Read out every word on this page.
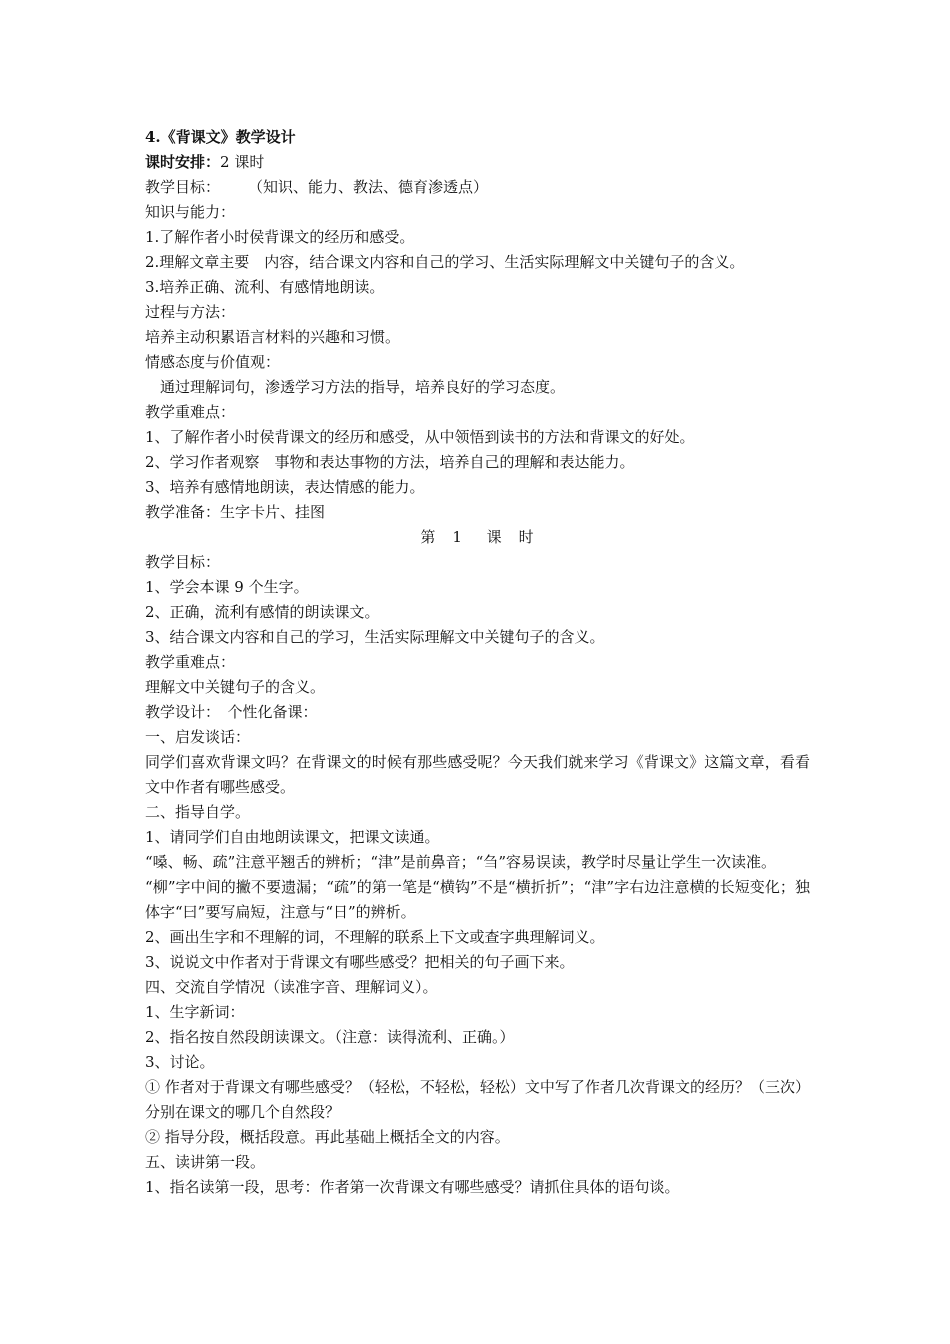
4.《背课文》教学设计
课时安排：2 课时
教学目标： （知识、能力、教法、德育渗透点）
知识与能力：
1.了解作者小时侯背课文的经历和感受。
2.理解文章主要　内容，结合课文内容和自己的学习、生活实际理解文中关键句子的含义。
3.培养正确、流利、有感情地朗读。
过程与方法：
培养主动积累语言材料的兴趣和习惯。
情感态度与价值观：
通过理解词句，渗透学习方法的指导，培养良好的学习态度。
教学重难点：
1、了解作者小时侯背课文的经历和感受，从中领悟到读书的方法和背课文的好处。
2、学习作者观察　事物和表达事物的方法，培养自己的理解和表达能力。
3、培养有感情地朗读，表达情感的能力。
教学准备：生字卡片、挂图
第　1 课　时
教学目标：
1、学会本课 9 个生字。
2、正确，流利有感情的朗读课文。
3、结合课文内容和自己的学习，生活实际理解文中关键句子的含义。
教学重难点：
理解文中关键句子的含义。
教学设计：　个性化备课：
一、启发谈话：
同学们喜欢背课文吗？在背课文的时候有那些感受呢？今天我们就来学习《背课文》这篇文章，看看文中作者有哪些感受。
二、指导自学。
1、请同学们自由地朗读课文，把课文读通。
“嗓、畅、疏”注意平翘舌的辨析；“津”是前鼻音；“刍”容易误读，教学时尽量让学生一次读准。
“柳”字中间的撇不要遗漏；“疏”的第一笔是“横钩”不是“横折折”；“津”字右边注意横的长短变化；独体字“曰”要写扁短，注意与“日”的辨析。
2、画出生字和不理解的词，不理解的联系上下文或查字典理解词义。
3、说说文中作者对于背课文有哪些感受？把相关的句子画下来。
四、交流自学情况（读准字音、理解词义）。
1、生字新词：
2、指名按自然段朗读课文。（注意：读得流利、正确。）
3、讨论。
① 作者对于背课文有哪些感受？（轻松，不轻松，轻松）文中写了作者几次背课文的经历？（三次）分别在课文的哪几个自然段？
② 指导分段，概括段意。再此基础上概括全文的内容。
五、读讲第一段。
1、指名读第一段，思考：作者第一次背课文有哪些感受？请抓住具体的语句谈。
